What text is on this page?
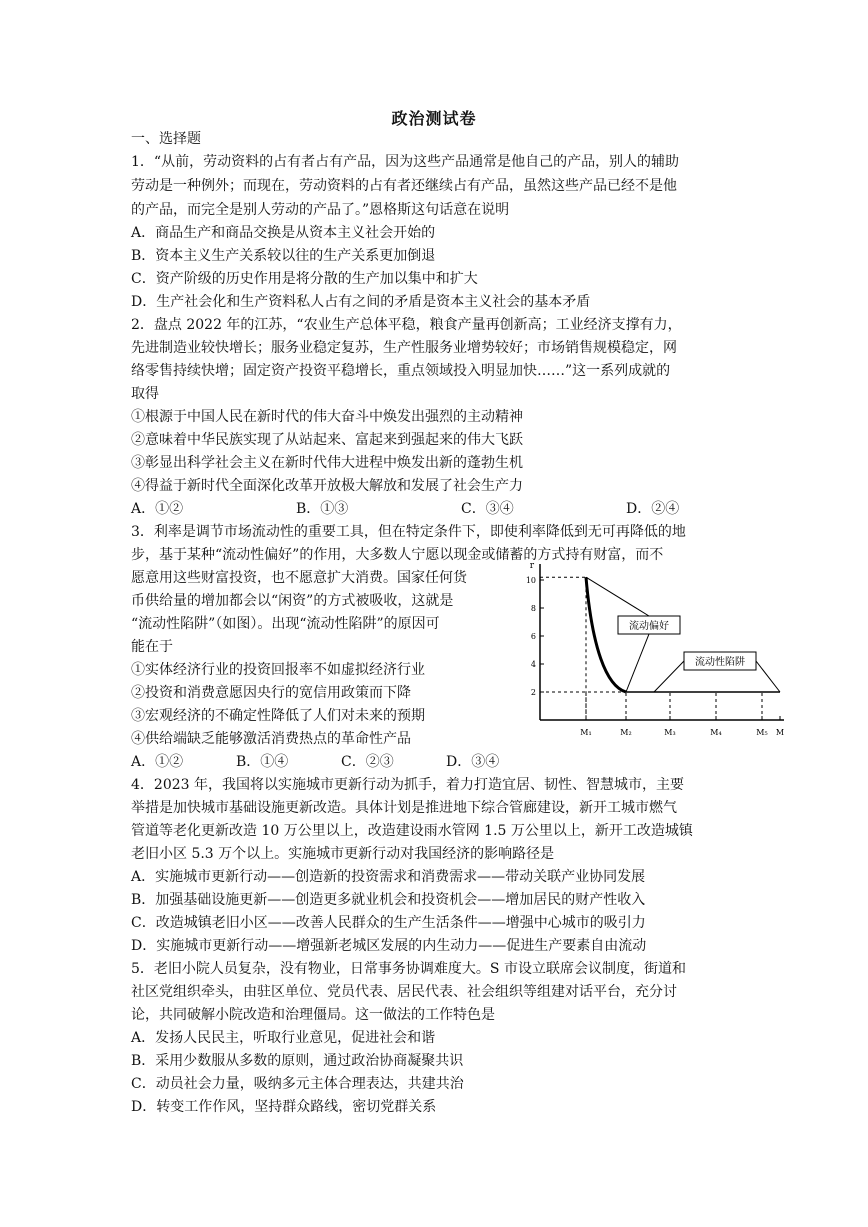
政治测试卷
一、选择题
1．“从前，劳动资料的占有者占有产品，因为这些产品通常是他自己的产品，别人的辅助
劳动是一种例外；而现在，劳动资料的占有者还继续占有产品，虽然这些产品已经不是他
的产品，而完全是别人劳动的产品了。”恩格斯这句话意在说明
A．商品生产和商品交换是从资本主义社会开始的
B．资本主义生产关系较以往的生产关系更加倒退
C．资产阶级的历史作用是将分散的生产加以集中和扩大
D．生产社会化和生产资料私人占有之间的矛盾是资本主义社会的基本矛盾
2．盘点 2022 年的江苏，“农业生产总体平稳，粮食产量再创新高；工业经济支撑有力，
先进制造业较快增长；服务业稳定复苏，生产性服务业增势较好；市场销售规模稳定，网
络零售持续快增；固定资产投资平稳增长，重点领域投入明显加快……”这一系列成就的
取得
①根源于中国人民在新时代的伟大奋斗中焕发出强烈的主动精神
②意味着中华民族实现了从站起来、富起来到强起来的伟大飞跃
③彰显出科学社会主义在新时代伟大进程中焕发出新的蓬勃生机
④得益于新时代全面深化改革开放极大解放和发展了社会生产力
A．①②	B．①③	C．③④	D．②④
3．利率是调节市场流动性的重要工具，但在特定条件下，即使利率降低到无可再降低的地
步，基于某种“流动性偏好”的作用，大多数人宁愿以现金或储蓄的方式持有财富，而不
愿意用这些财富投资，也不愿意扩大消费。国家任何货
币供给量的增加都会以“闲资”的方式被吸收，这就是
“流动性陷阱”（如图）。出现“流动性陷阱”的原因可
能在于
①实体经济行业的投资回报率不如虚拟经济行业
②投资和消费意愿因央行的宽信用政策而下降
③宏观经济的不确定性降低了人们对未来的预期
④供给端缺乏能够激活消费热点的革命性产品
A．①②	B．①④	C．②③	D．③④
r
2
4
6
8
10
M₁	M₂	M₃	M₄	M₅ M
流动偏好
流动性陷阱
4．2023 年，我国将以实施城市更新行动为抓手，着力打造宜居、韧性、智慧城市，主要
举措是加快城市基础设施更新改造。具体计划是推进地下综合管廊建设，新开工城市燃气
管道等老化更新改造 10 万公里以上，改造建设雨水管网 1.5 万公里以上，新开工改造城镇
老旧小区 5.3 万个以上。实施城市更新行动对我国经济的影响路径是
A．实施城市更新行动——创造新的投资需求和消费需求——带动关联产业协同发展
B．加强基础设施更新——创造更多就业机会和投资机会——增加居民的财产性收入
C．改造城镇老旧小区——改善人民群众的生产生活条件——增强中心城市的吸引力
D．实施城市更新行动——增强新老城区发展的内生动力——促进生产要素自由流动
5．老旧小院人员复杂，没有物业，日常事务协调难度大。S 市设立联席会议制度，街道和
社区党组织牵头，由驻区单位、党员代表、居民代表、社会组织等组建对话平台，充分讨
论，共同破解小院改造和治理僵局。这一做法的工作特色是
A．发扬人民民主，听取行业意见，促进社会和谐
B．采用少数服从多数的原则，通过政治协商凝聚共识
C．动员社会力量，吸纳多元主体合理表达，共建共治
D．转变工作作风，坚持群众路线，密切党群关系
